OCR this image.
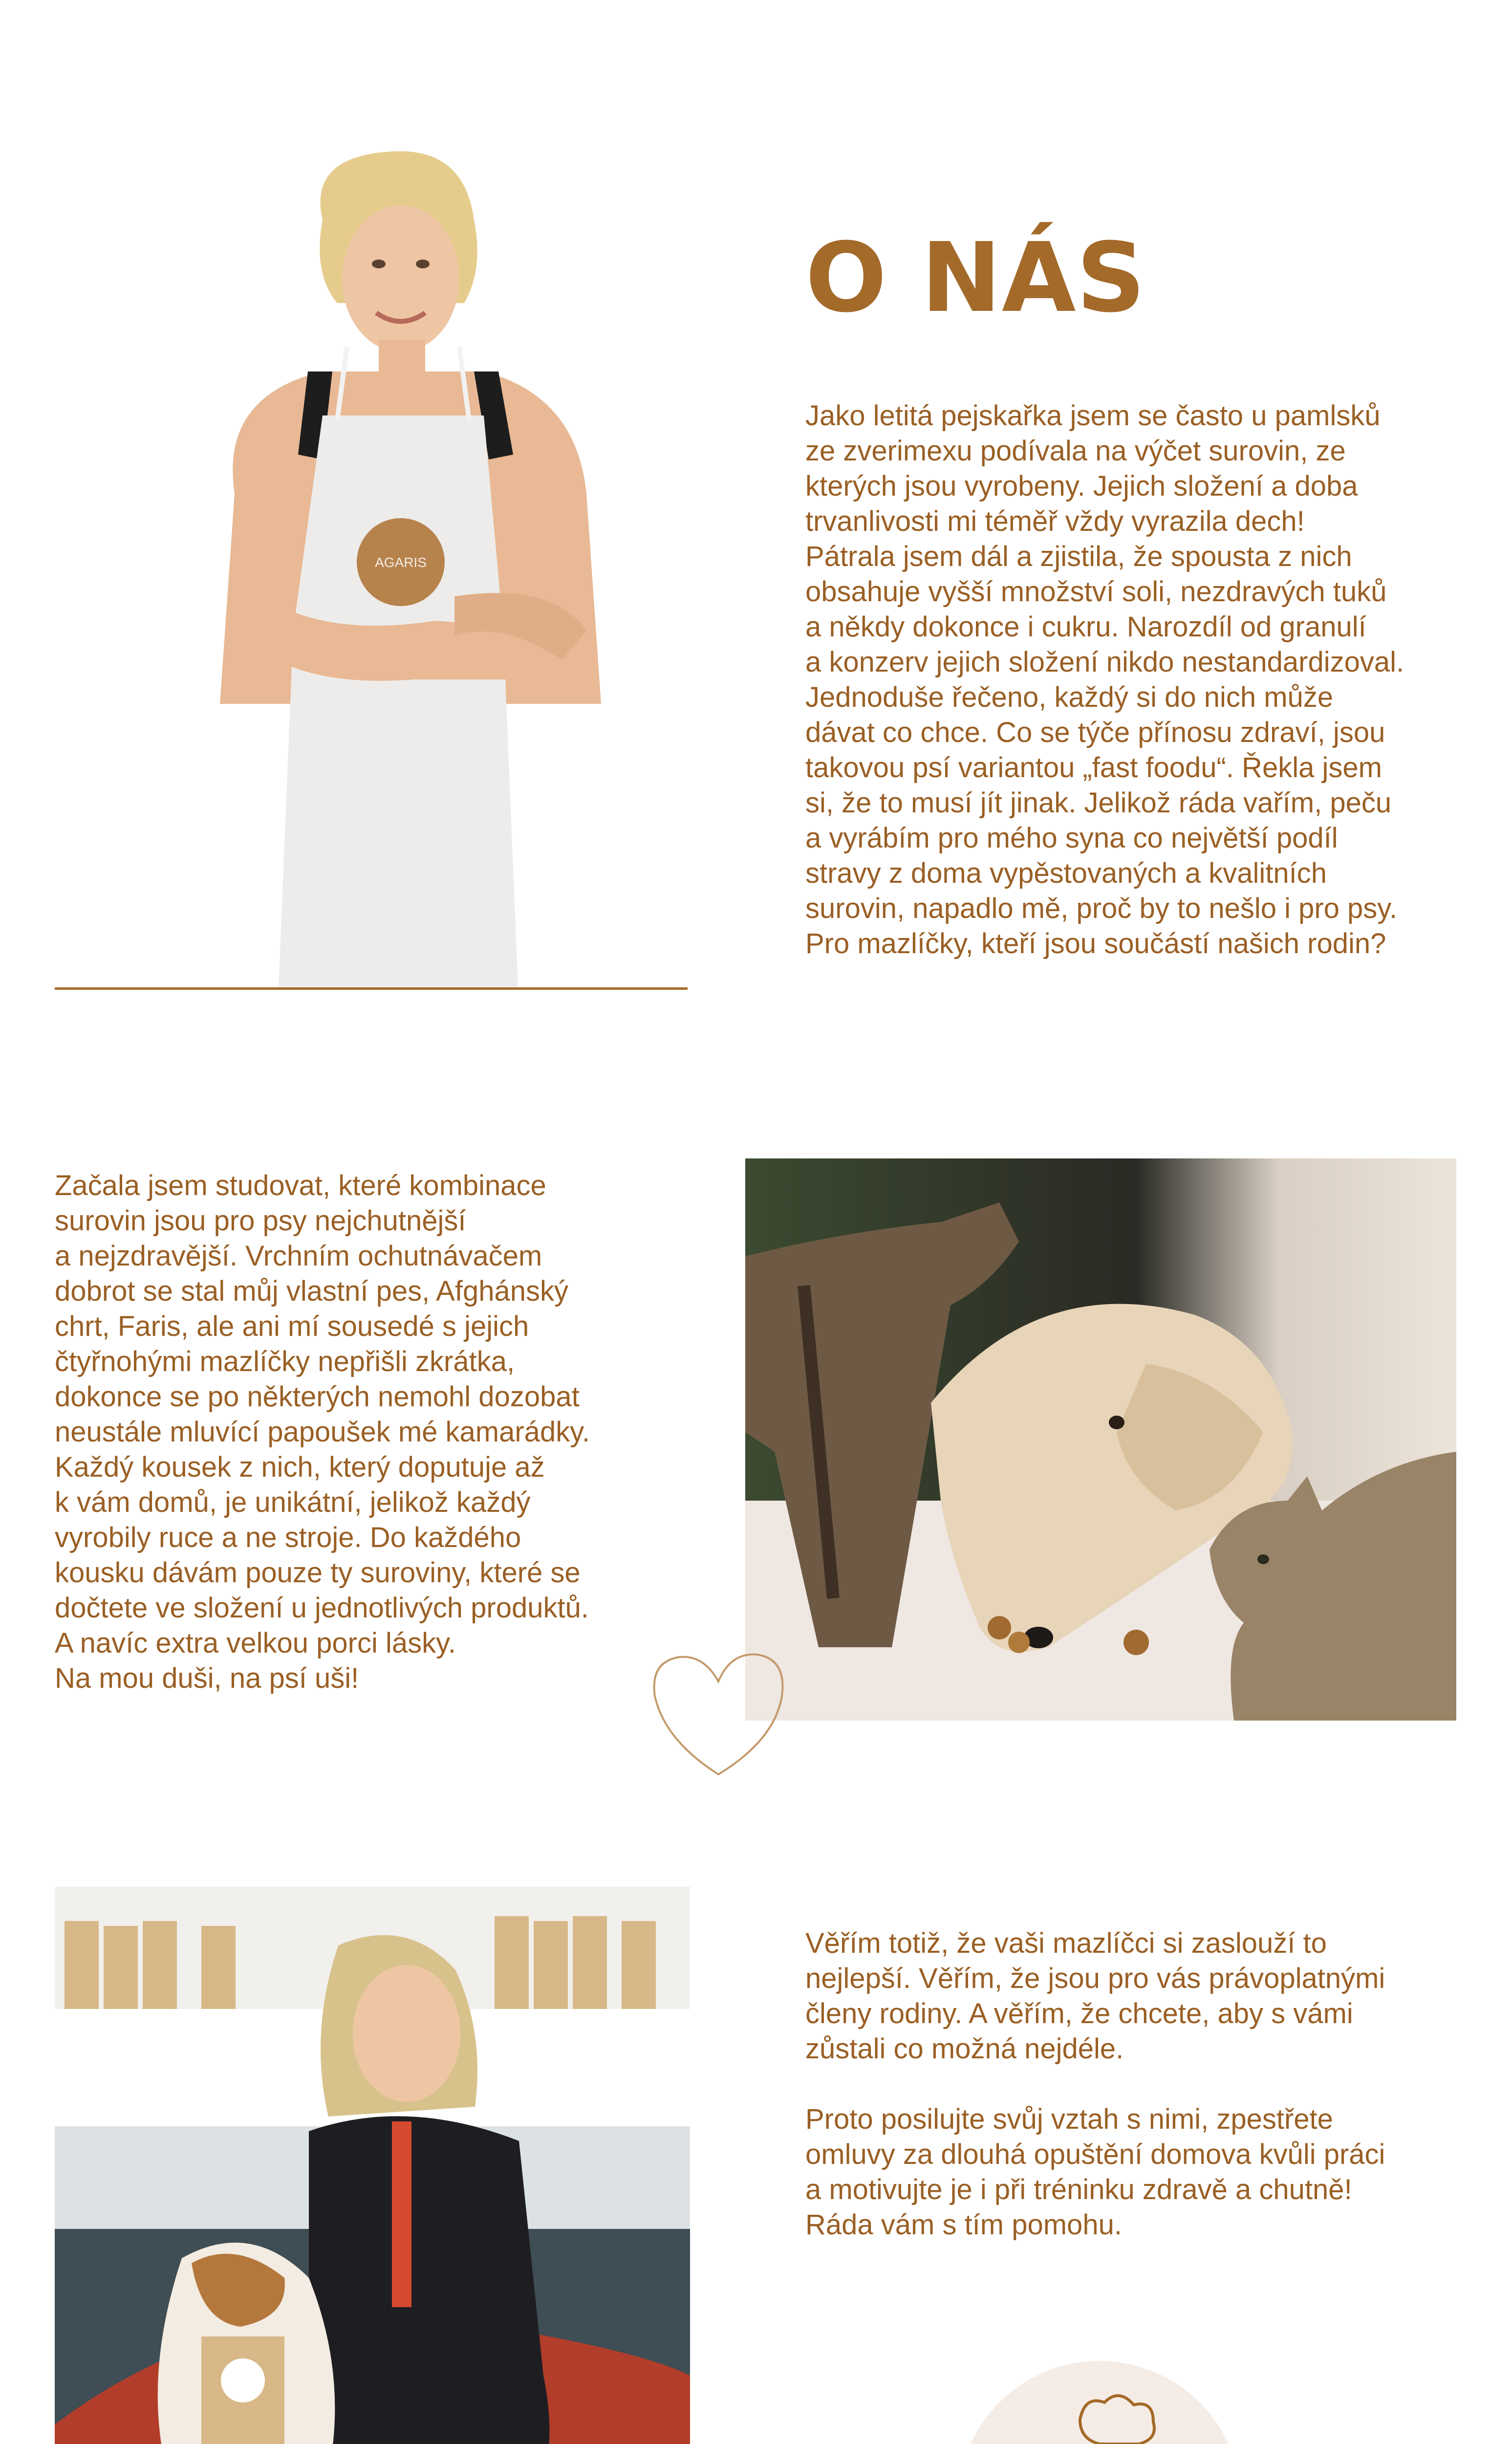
AGARIS
O NÁS

Jako letitá pejskařka jsem se často u pamlsků
ze zverimexu podívala na výčet surovin, ze
kterých jsou vyrobeny. Jejich složení a doba
trvanlivosti mi téměř vždy vyrazila dech!
Pátrala jsem dál a zjistila, že spousta z nich
obsahuje vyšší množství soli, nezdravých tuků
a někdy dokonce i cukru. Narozdíl od granulí
a konzerv jejich složení nikdo nestandardizoval.
Jednoduše řečeno, každý si do nich může
dávat co chce. Co se týče přínosu zdraví, jsou
takovou psí variantou „fast foodu“. Řekla jsem
si, že to musí jít jinak. Jelikož ráda vařím, peču
a vyrábím pro mého syna co největší podíl
stravy z doma vypěstovaných a kvalitních
surovin, napadlo mě, proč by to nešlo i pro psy.
Pro mazlíčky, kteří jsou součástí našich rodin?

Začala jsem studovat, které kombinace
surovin jsou pro psy nejchutnější
a nejzdravější. Vrchním ochutnávačem
dobrot se stal můj vlastní pes, Afghánský
chrt, Faris, ale ani mí sousedé s jejich
čtyřnohými mazlíčky nepřišli zkrátka,
dokonce se po některých nemohl dozobat
neustále mluvící papoušek mé kamarádky.
Každý kousek z nich, který doputuje až
k vám domů, je unikátní, jelikož každý
vyrobily ruce a ne stroje. Do každého
kousku dávám pouze ty suroviny, které se
dočtete ve složení u jednotlivých produktů.
A navíc extra velkou porci lásky.
Na mou duši, na psí uši!

Věřím totiž, že vaši mazlíčci si zaslouží to
nejlepší. Věřím, že jsou pro vás právoplatnými
členy rodiny. A věřím, že chcete, aby s vámi
zůstali co možná nejdéle.

Proto posilujte svůj vztah s nimi, zpestřete
omluvy za dlouhá opuštění domova kvůli práci
a motivujte je i při tréninku zdravě a chutně!
Ráda vám s tím pomohu.
